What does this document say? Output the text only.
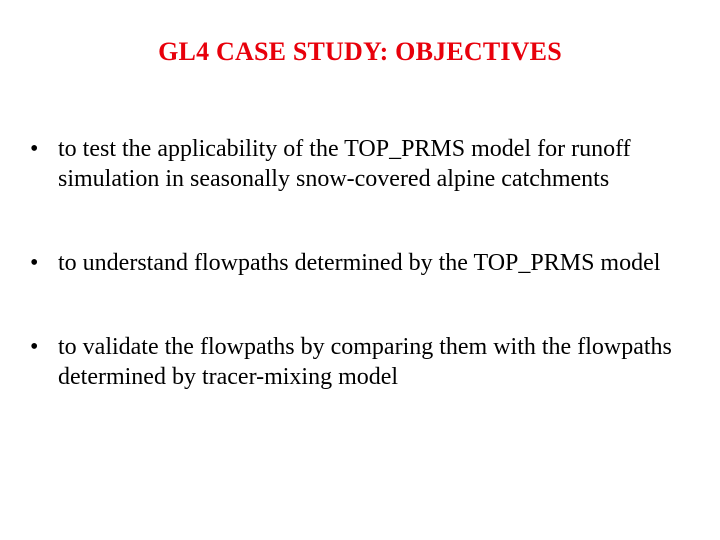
GL4 CASE STUDY: OBJECTIVES
• to test the applicability of the TOP_PRMS model for runoff simulation in seasonally snow-covered alpine catchments
• to understand flowpaths determined by the TOP_PRMS model
• to validate the flowpaths by comparing them with the flowpaths determined by tracer-mixing model
